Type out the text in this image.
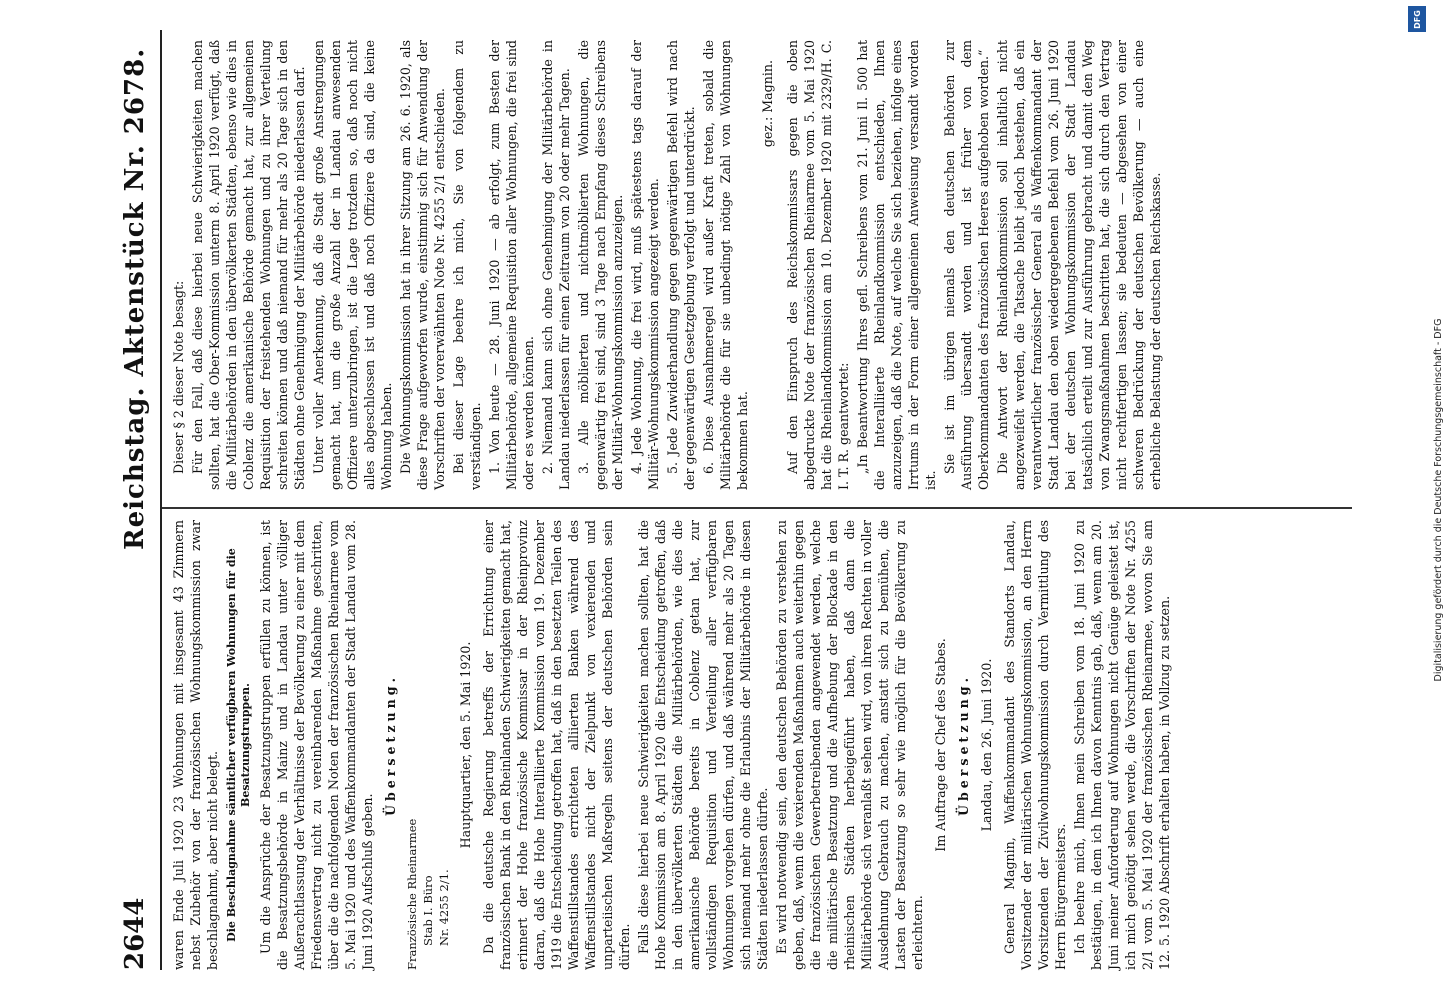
2644
Reichstag. Aktenstück Nr. 2678.

waren Ende Juli 1920 23 Wohnungen mit insgesamt 43 Zimmern nebst Zubehör von der französischen Wohnungskommission zwar beschlagnahmt, aber nicht belegt. Die Beschlagnahme sämtlicher verfügbaren Wohnungen für die Besatzungstruppen. Um die Ansprüche der Besatzungstruppen erfüllen zu können, ist die Besatzungsbehörde in Mainz und in Landau unter völliger Außerachtlassung der Verhältnisse der Bevölkerung zu einer mit dem Friedensvertrag nicht zu vereinbarenden Maßnahme geschritten, über die die nachfolgenden Noten der französischen Rheinarmee vom 5. Mai 1920 und des Waffenkommandanten der Stadt Landau vom 28. Juni 1920 Aufschluß geben.

Übersetzung.

Französische Rheinarmee Stab I. Büro Nr. 4255 2/1.

Hauptquartier, den 5. Mai 1920. Da die deutsche Regierung betreffs der Errichtung einer französischen Bank in den Rheinlanden Schwierigkeiten gemacht hat, erinnert der Hohe französische Kommissar in der Rheinprovinz daran, daß die Hohe Interalliierte Kommission vom 19. Dezember 1919 die Entscheidung getroffen hat, daß in den besetzten Teilen des Waffenstillstandes errichteten alliierten Banken während des Waffenstillstandes nicht der Zielpunkt von vexierenden und unparteiischen Maßregeln seitens der deutschen Behörden sein dürfen. Falls diese hierbei neue Schwierigkeiten machen sollten, hat die Hohe Kommission am 8. April 1920 die Entscheidung getroffen, daß in den übervölkerten Städten die Militärbehörden, wie dies die amerikanische Behörde bereits in Coblenz getan hat, zur vollständigen Requisition und Verteilung aller verfügbaren Wohnungen vorgehen dürfen, und daß während mehr als 20 Tagen sich niemand mehr ohne die Erlaubnis der Militärbehörde in diesen Städten niederlassen dürfte. Es wird notwendig sein, den deutschen Behörden zu verstehen zu geben, daß, wenn die vexierenden Maßnahmen auch weiterhin gegen die französischen Gewerbetreibenden angewendet werden, welche die militärische Besatzung und die Aufhebung der Blockade in den rheinischen Städten herbeigeführt haben, daß dann die Militärbehörde sich veranlaßt sehen wird, von ihren Rechten in voller Ausdehnung Gebrauch zu machen, anstatt sich zu bemühen, die Lasten der Besatzung so sehr wie möglich für die Bevölkerung zu erleichtern.

Im Auftrage der Chef des Stabes. Übersetzung. Landau, den 26. Juni 1920. General Magnin, Waffenkommandant des Standorts Landau, Vorsitzender der militärischen Wohnungskommission, an den Herrn Vorsitzenden der Zivilwohnungskommission durch Vermittlung des Herrn Bürgermeisters. Ich beehre mich, Ihnen mein Schreiben vom 18. Juni 1920 zu bestätigen, in dem ich Ihnen davon Kenntnis gab, daß, wenn am 20. Juni meiner Anforderung auf Wohnungen nicht Genüge geleistet ist, ich mich genötigt sehen werde, die Vorschriften der Note Nr. 4255 2/1 vom 5. Mai 1920 der französischen Rheinarmee, wovon Sie am 12. 5. 1920 Abschrift erhalten haben, in Vollzug zu setzen.

Dieser § 2 dieser Note besagt: Für den Fall, daß diese hierbei neue Schwierigkeiten machen sollten, hat die Ober-Kommission unterm 8. April 1920 verfügt, daß die Militärbehörden in den übervölkerten Städten, ebenso wie dies in Coblenz die amerikanische Behörde gemacht hat, zur allgemeinen Requisition der freistehenden Wohnungen und zu ihrer Verteilung schreiten können und daß niemand für mehr als 20 Tage sich in den Städten ohne Genehmigung der Militärbehörde niederlassen darf. Unter voller Anerkennung, daß die Stadt große Anstrengungen gemacht hat, um die große Anzahl der in Landau anwesenden Offiziere unterzubringen, ist die Lage trotzdem so, daß noch nicht alles abgeschlossen ist und daß noch Offiziere da sind, die keine Wohnung haben. Die Wohnungskommission hat in ihrer Sitzung am 26. 6. 1920, als diese Frage aufgeworfen wurde, einstimmig sich für Anwendung der Vorschriften der vorerwähnten Note Nr. 4255 2/1 entschieden. Bei dieser Lage beehre ich mich, Sie von folgendem zu verständigen. 1. Von heute — 28. Juni 1920 — ab erfolgt, zum Besten der Militärbehörde, allgemeine Requisition aller Wohnungen, die frei sind oder es werden können. 2. Niemand kann sich ohne Genehmigung der Militärbehörde in Landau niederlassen für einen Zeitraum von 20 oder mehr Tagen. 3. Alle möblierten und nichtmöblierten Wohnungen, die gegenwärtig frei sind, sind 3 Tage nach Empfang dieses Schreibens der Militär-Wohnungskommission anzuzeigen. 4. Jede Wohnung, die frei wird, muß spätestens tags darauf der Militär-Wohnungskommission angezeigt werden. 5. Jede Zuwiderhandlung gegen gegenwärtigen Befehl wird nach der gegenwärtigen Gesetzgebung verfolgt und unterdrückt. 6. Diese Ausnahmeregel wird außer Kraft treten, sobald die Militärbehörde die für sie unbedingt nötige Zahl von Wohnungen bekommen hat.

gez.: Magnin. Auf den Einspruch des Reichskommissars gegen die oben abgedruckte Note der französischen Rheinarmee vom 5. Mai 1920 hat die Rheinlandkommission am 10. Dezember 1920 mit 2329/H. C. I. T. R. geantwortet: „In Beantwortung Ihres gefl. Schreibens vom 21. Juni Il. 500 hat die Interalliierte Rheinlandkommission entschieden, Ihnen anzuzeigen, daß die Note, auf welche Sie sich beziehen, infolge eines Irrtums in der Form einer allgemeinen Anweisung versandt worden ist.

Sie ist im übrigen niemals den deutschen Behörden zur Ausführung übersandt worden und ist früher von dem Oberkommandanten des französischen Heeres aufgehoben worden.“ Die Antwort der Rheinlandkommission soll inhaltlich nicht angezweifelt werden, die Tatsache bleibt jedoch bestehen, daß ein verantwortlicher französischer General als Waffenkommandant der Stadt Landau den oben wiedergegebenen Befehl vom 26. Juni 1920 bei der deutschen Wohnungskommission der Stadt Landau tatsächlich erteilt und zur Ausführung gebracht und damit den Weg von Zwangsmaßnahmen beschritten hat, die sich durch den Vertrag nicht rechtfertigen lassen; sie bedeuten — abgesehen von einer schweren Bedrückung der deutschen Bevölkerung — auch eine erhebliche Belastung der deutschen Reichskasse.	Digitalisierung gefördert durch die Deutsche Forschungsgemeinschaft - DFG
DFG
